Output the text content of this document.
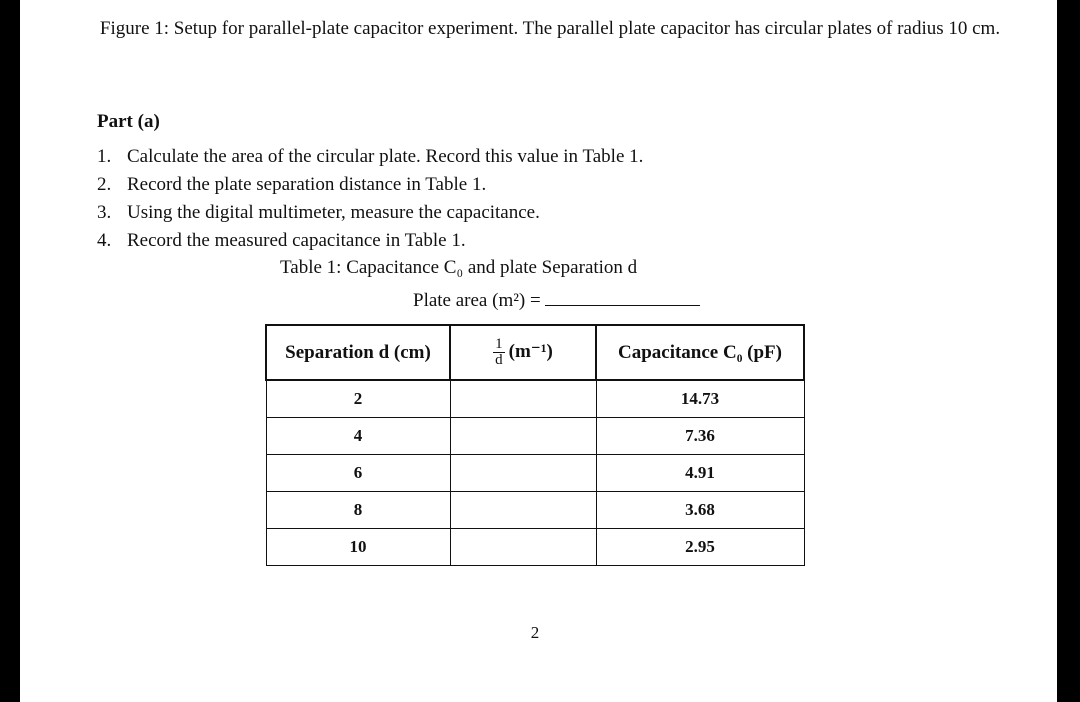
Figure 1: Setup for parallel-plate capacitor experiment. The parallel plate capacitor has circular plates of radius 10 cm.
Part (a)
1. Calculate the area of the circular plate. Record this value in Table 1.
2. Record the plate separation distance in Table 1.
3. Using the digital multimeter, measure the capacitance.
4. Record the measured capacitance in Table 1.
Table 1: Capacitance C₀ and plate Separation d
Plate area (m²) =
Separation d (cm)	$\frac{1}{d} (m^{-1})$	Capacitance C₀ (pF)
2		14.73
4		7.36
6		4.91
8		3.68
10		2.95
2
